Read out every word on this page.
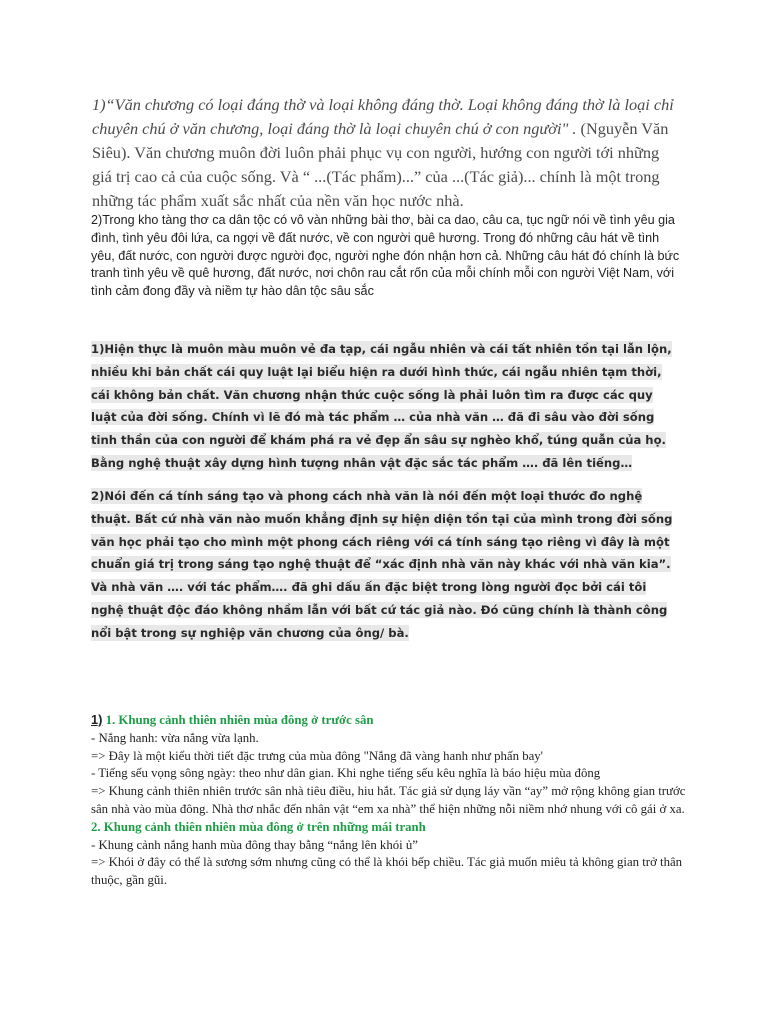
1)“Văn chương có loại đáng thờ và loại không đáng thờ. Loại không đáng thờ là loại chỉ chuyên chú ở văn chương, loại đáng thờ là loại chuyên chú ở con người" . (Nguyễn Văn Siêu). Văn chương muôn đời luôn phải phục vụ con người, hướng con người tới những giá trị cao cả của cuộc sống. Và “ ...(Tác phẩm)...” của ...(Tác giả)... chính là một trong những tác phẩm xuất sắc nhất của nền văn học nước nhà.

2)Trong kho tàng thơ ca dân tộc có vô vàn những bài thơ, bài ca dao, câu ca, tục ngữ nói về tình yêu gia đình, tình yêu đôi lứa, ca ngợi về đất nước, về con người quê hương. Trong đó những câu hát về tình yêu, đất nước, con người được người đọc, người nghe đón nhận hơn cả. Những câu hát đó chính là bức tranh tình yêu về quê hương, đất nước, nơi chôn rau cắt rốn của mỗi chính mỗi con người Việt Nam, với tình cảm đong đầy và niềm tự hào dân tộc sâu sắc

1)Hiện thực là muôn màu muôn vẻ đa tạp, cái ngẫu nhiên và cái tất nhiên tồn tại lẫn lộn, nhiều khi bản chất cái quy luật lại biểu hiện ra dưới hình thức, cái ngẫu nhiên tạm thời, cái không bản chất. Văn chương nhận thức cuộc sống là phải luôn tìm ra được các quy luật của đời sống. Chính vì lẽ đó mà tác phẩm … của nhà văn … đã đi sâu vào đời sống tinh thần của con người để khám phá ra vẻ đẹp ẩn sâu sự nghèo khổ, túng quẫn của họ. Bằng nghệ thuật xây dựng hình tượng nhân vật đặc sắc tác phẩm …. đã lên tiếng…

2)Nói đến cá tính sáng tạo và phong cách nhà văn là nói đến một loại thước đo nghệ thuật. Bất cứ nhà văn nào muốn khẳng định sự hiện diện tồn tại của mình trong đời sống văn học phải tạo cho mình một phong cách riêng với cá tính sáng tạo riêng vì đây là một chuẩn giá trị trong sáng tạo nghệ thuật để “xác định nhà văn này khác với nhà văn kia”. Và nhà văn …. với tác phẩm…. đã ghi dấu ấn đặc biệt trong lòng người đọc bởi cái tôi nghệ thuật độc đáo không nhầm lẫn với bất cứ tác giả nào. Đó cũng chính là thành công nổi bật trong sự nghiệp văn chương của ông/ bà.

1) 1. Khung cảnh thiên nhiên mùa đông ở trước sân
- Nắng hanh: vừa nắng vừa lạnh.
=> Đây là một kiểu thời tiết đặc trưng của mùa đông "Nắng đã vàng hanh như phấn bay'
- Tiếng sếu vọng sông ngày: theo như dân gian. Khi nghe tiếng sếu kêu nghĩa là báo hiệu mùa đông
=> Khung cảnh thiên nhiên trước sân nhà tiêu điều, hiu hắt. Tác giả sử dụng láy vần “ay” mở rộng không gian trước sân nhà vào mùa đông. Nhà thơ nhắc đến nhân vật “em xa nhà” thể hiện những nỗi niềm nhớ nhung với cô gái ở xa.
2. Khung cảnh thiên nhiên mùa đông ở trên những mái tranh
- Khung cảnh nắng hanh mùa đông thay bằng “nắng lên khói ủ”
=> Khói ở đây có thể là sương sớm nhưng cũng có thể là khói bếp chiều. Tác giả muốn miêu tả không gian trở thân thuộc, gần gũi.
